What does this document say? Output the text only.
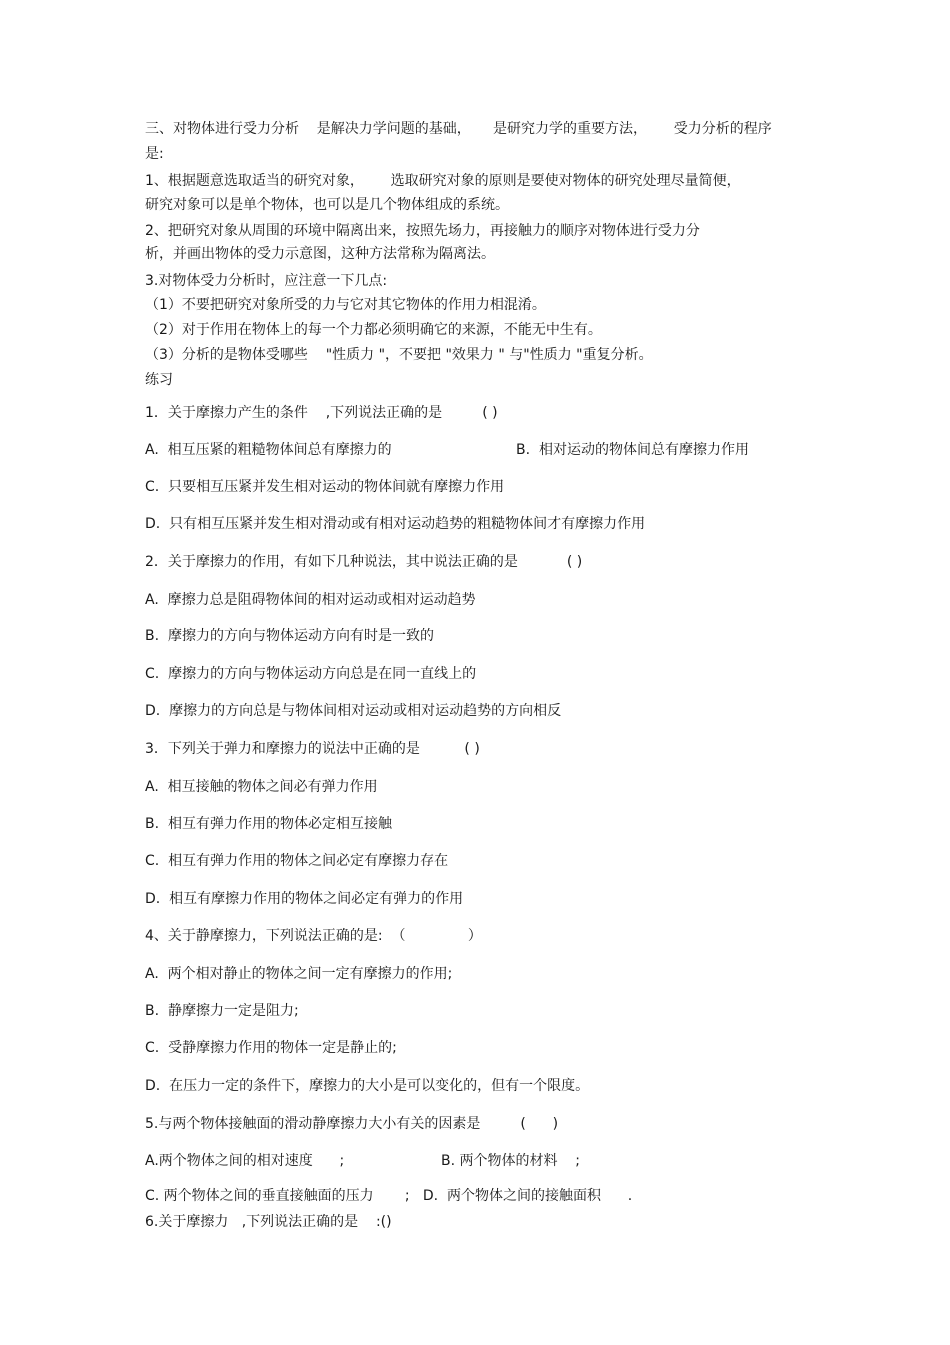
三、对物体进行受力分析    是解决力学问题的基础，     是研究力学的重要方法，      受力分析的程序
是:
1、根据题意选取适当的研究对象，      选取研究对象的原则是要使对物体的研究处理尽量简便，
研究对象可以是单个物体，也可以是几个物体组成的系统。
2、把研究对象从周围的环境中隔离出来，按照先场力，再接触力的顺序对物体进行受力分
析，并画出物体的受力示意图，这种方法常称为隔离法。
3.对物体受力分析时，应注意一下几点:
（1）不要把研究对象所受的力与它对其它物体的作用力相混淆。
（2）对于作用在物体上的每一个力都必须明确它的来源，不能无中生有。
（3）分析的是物体受哪些    "性质力 "，不要把 "效果力 " 与"性质力 "重复分析。
练习
1．关于摩擦力产生的条件    ,下列说法正确的是         ( )
A.  相互压紧的粗糙物体间总有摩擦力的	B.  相对运动的物体间总有摩擦力作用
C.  只要相互压紧并发生相对运动的物体间就有摩擦力作用
D.  只有相互压紧并发生相对滑动或有相对运动趋势的粗糙物体间才有摩擦力作用
2．关于摩擦力的作用，有如下几种说法，其中说法正确的是           ( )
A.  摩擦力总是阻碍物体间的相对运动或相对运动趋势
B.  摩擦力的方向与物体运动方向有时是一致的
C.  摩擦力的方向与物体运动方向总是在同一直线上的
D.  摩擦力的方向总是与物体间相对运动或相对运动趋势的方向相反
3．下列关于弹力和摩擦力的说法中正确的是          ( )
A.  相互接触的物体之间必有弹力作用
B.  相互有弹力作用的物体必定相互接触
C.  相互有弹力作用的物体之间必定有摩擦力存在
D.  相互有摩擦力作用的物体之间必定有弹力的作用
4、关于静摩擦力，下列说法正确的是:  （              ）
A.  两个相对静止的物体之间一定有摩擦力的作用;
B.  静摩擦力一定是阻力;
C.  受静摩擦力作用的物体一定是静止的;
D.  在压力一定的条件下，摩擦力的大小是可以变化的，但有一个限度。
5.与两个物体接触面的滑动静摩擦力大小有关的因素是         (      )
A.两个物体之间的相对速度      ;	B. 两个物体的材料    ;
C. 两个物体之间的垂直接触面的压力       ;   D.  两个物体之间的接触面积      .
6.关于摩擦力   ,下列说法正确的是    :()
